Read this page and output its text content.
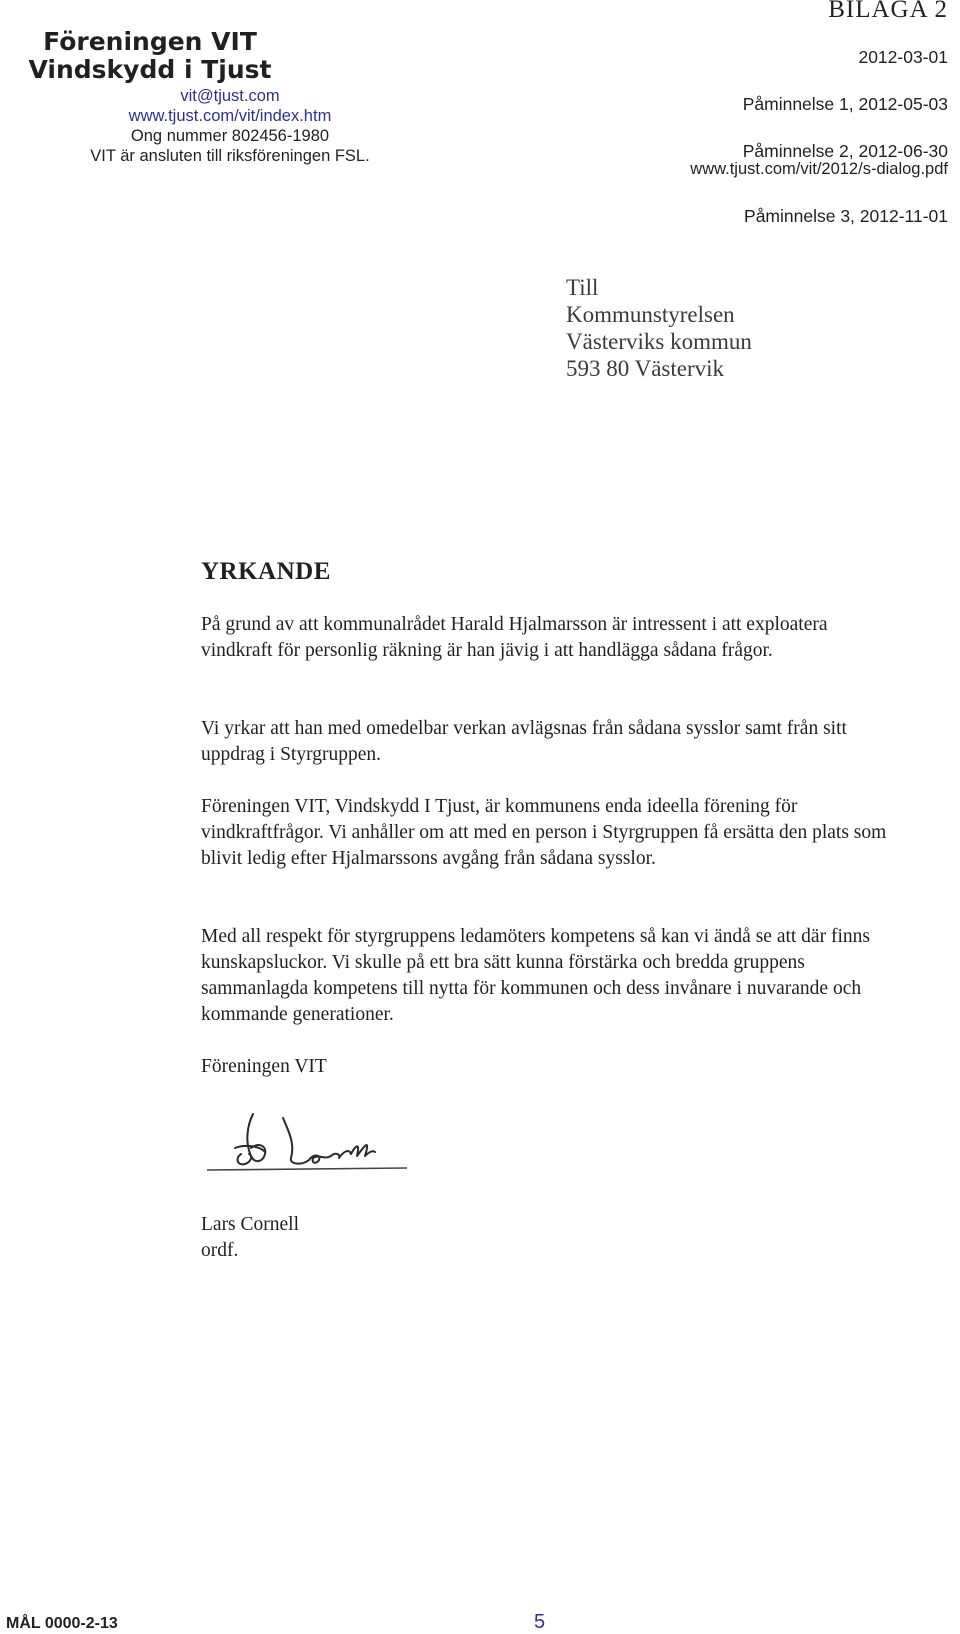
Föreningen VIT
Vindskydd i Tjust
vit@tjust.com
www.tjust.com/vit/index.htm
Ong nummer 802456-1980
VIT är ansluten till riksföreningen FSL.
BILAGA 2
2012-03-01
Påminnelse 1, 2012-05-03
Påminnelse 2, 2012-06-30
www.tjust.com/vit/2012/s-dialog.pdf
Påminnelse 3, 2012-11-01
Till
Kommunstyrelsen
Västerviks kommun
593 80 Västervik
YRKANDE

På grund av att kommunalrådet Harald Hjalmarsson är intressent i att exploatera vindkraft för personlig räkning är han jävig i att handlägga sådana frågor.

Vi yrkar att han med omedelbar verkan avlägsnas från sådana sysslor samt från sitt uppdrag i Styrgruppen.

Föreningen VIT, Vindskydd I Tjust, är kommunens enda ideella förening för vindkraftfrågor. Vi anhåller om att med en person i Styrgruppen få ersätta den plats som blivit ledig efter Hjalmarssons avgång från sådana sysslor.

Med all respekt för styrgruppens ledamöters kompetens så kan vi ändå se att där finns kunskapsluckor. Vi skulle på ett bra sätt kunna förstärka och bredda gruppens sammanlagda kompetens till nytta för kommunen och dess invånare i nuvarande och kommande generationer.

Föreningen VIT

Lars Cornell
ordf.
MÅL 0000-2-13	5
